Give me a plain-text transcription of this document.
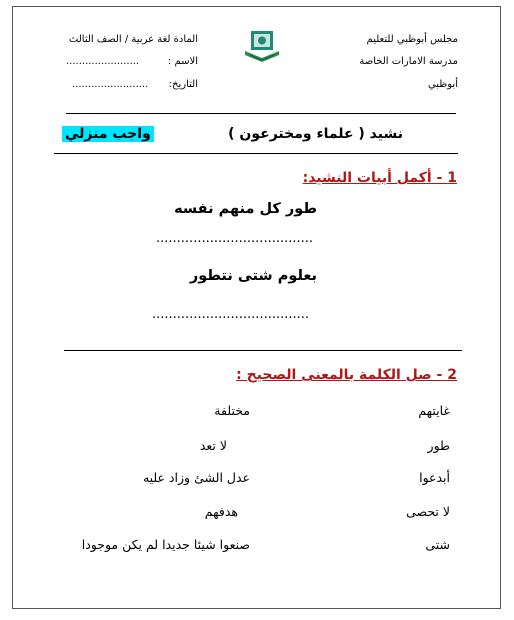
مجلس أبوظبي للتعليم
مدرسة الامارات الخاصة
أبوظبي
المادة لغة عربية / الصف الثالث
الاسم :
.......................
التاريخ:
........................
نشيد ( علماء ومخترعون )
واجب منزلي
1 - أكمل أبيات النشيد:
طور كل منهم نفسه
......................................
بعلوم شتى نتطور
......................................
2 - صل الكلمة بالمعنى الصحيح :
غايتهم
طور
أبدعوا
لا تحصى
شتى
مختلفة
لا تعد
عدل الشئ وزاد عليه
هدفهم
صنعوا شيئا جديدا لم يكن موجودا
